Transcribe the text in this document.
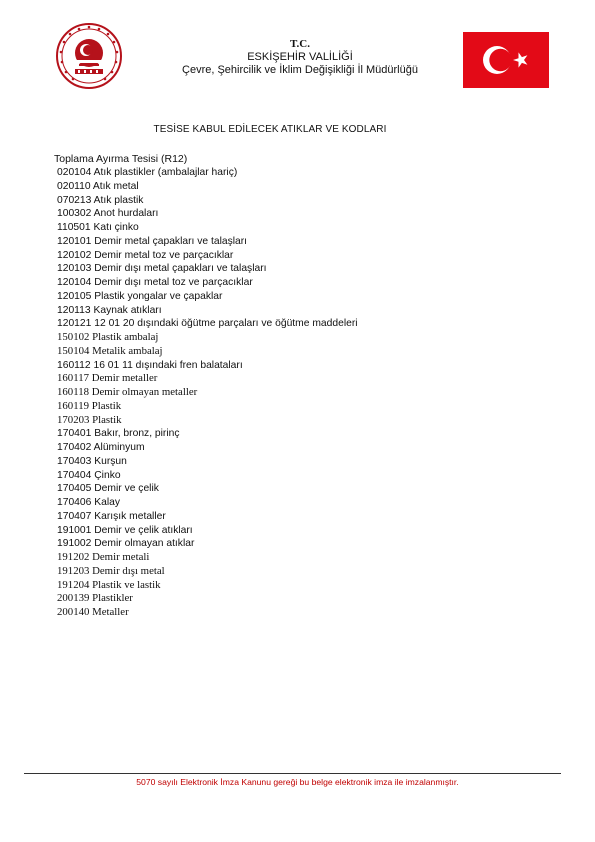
T.C.
ESKİŞEHİR VALİLİĞİ
Çevre, Şehircilik ve İklim Değişikliği İl Müdürlüğü
TESİSE KABUL EDİLECEK ATIKLAR VE KODLARI
Toplama Ayırma Tesisi (R12)
020104 Atık plastikler (ambalajlar hariç)
020110 Atık metal
070213 Atık plastik
100302 Anot hurdaları
110501 Katı çinko
120101 Demir metal çapakları ve talaşları
120102 Demir metal toz ve parçacıklar
120103 Demir dışı metal çapakları ve talaşları
120104 Demir dışı metal toz ve parçacıklar
120105 Plastik yongalar ve çapaklar
120113 Kaynak atıkları
120121 12 01 20 dışındaki öğütme parçaları ve öğütme maddeleri
150102 Plastik ambalaj
150104 Metalik ambalaj
160112 16 01 11 dışındaki fren balataları
160117 Demir metaller
160118 Demir olmayan metaller
160119 Plastik
170203 Plastik
170401 Bakır, bronz, pirinç
170402 Alüminyum
170403 Kurşun
170404 Çinko
170405 Demir ve çelik
170406 Kalay
170407 Karışık metaller
191001 Demir ve çelik atıkları
191002 Demir olmayan atıklar
191202 Demir metali
191203 Demir dışı metal
191204 Plastik ve lastik
200139 Plastikler
200140 Metaller
5070 sayılı Elektronik İmza Kanunu gereği bu belge elektronik imza ile imzalanmıştır.
